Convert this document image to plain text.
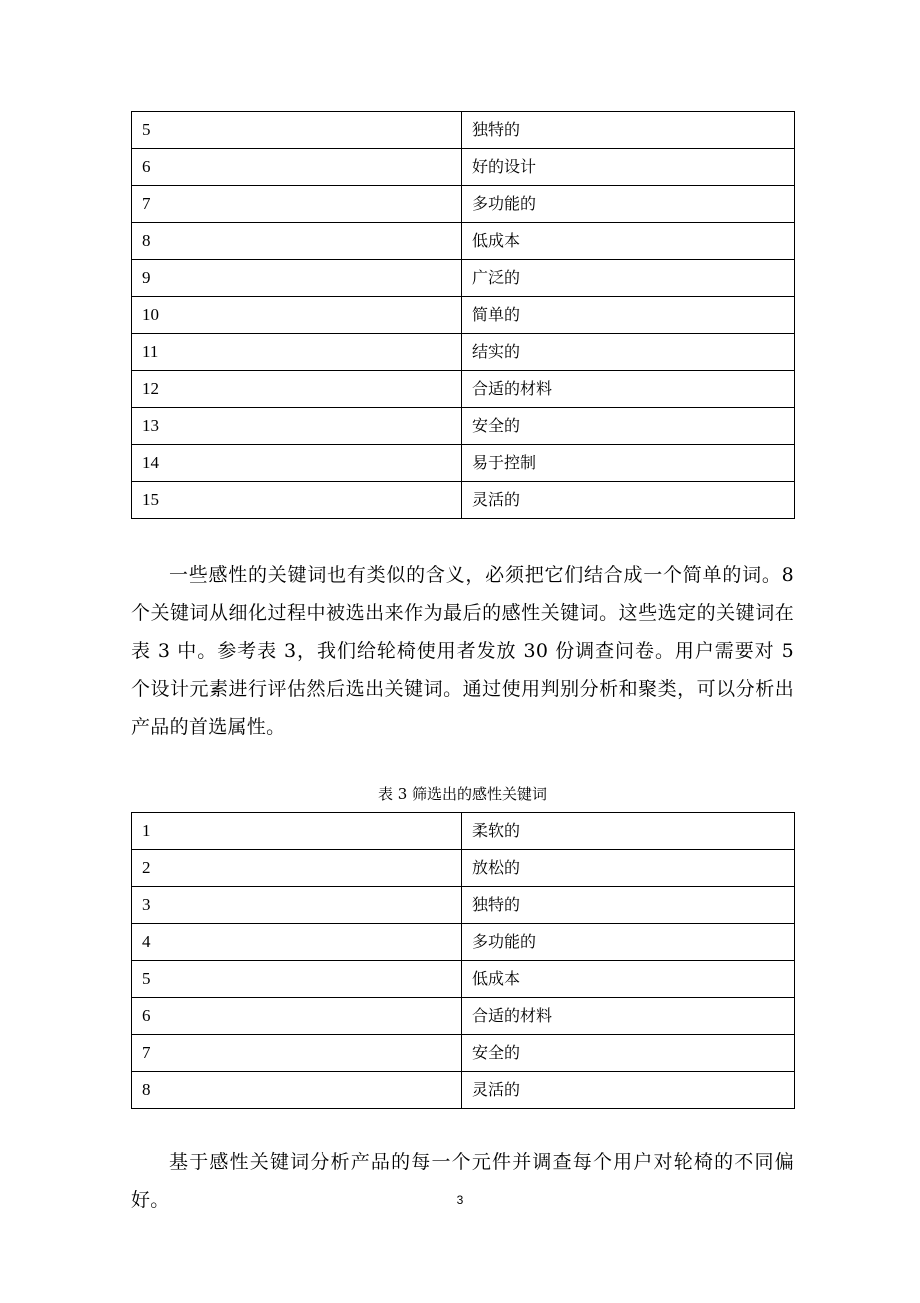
5	独特的
6	好的设计
7	多功能的
8	低成本
9	广泛的
10	简单的
11	结实的
12	合适的材料
13	安全的
14	易于控制
15	灵活的

一些感性的关键词也有类似的含义，必须把它们结合成一个简单的词。8 个关键词从细化过程中被选出来作为最后的感性关键词。这些选定的关键词在表 3 中。参考表 3，我们给轮椅使用者发放 30 份调查问卷。用户需要对 5 个设计元素进行评估然后选出关键词。通过使用判别分析和聚类，可以分析出产品的首选属性。

表 3 筛选出的感性关键词

1	柔软的
2	放松的
3	独特的
4	多功能的
5	低成本
6	合适的材料
7	安全的
8	灵活的

基于感性关键词分析产品的每一个元件并调查每个用户对轮椅的不同偏好。	3
